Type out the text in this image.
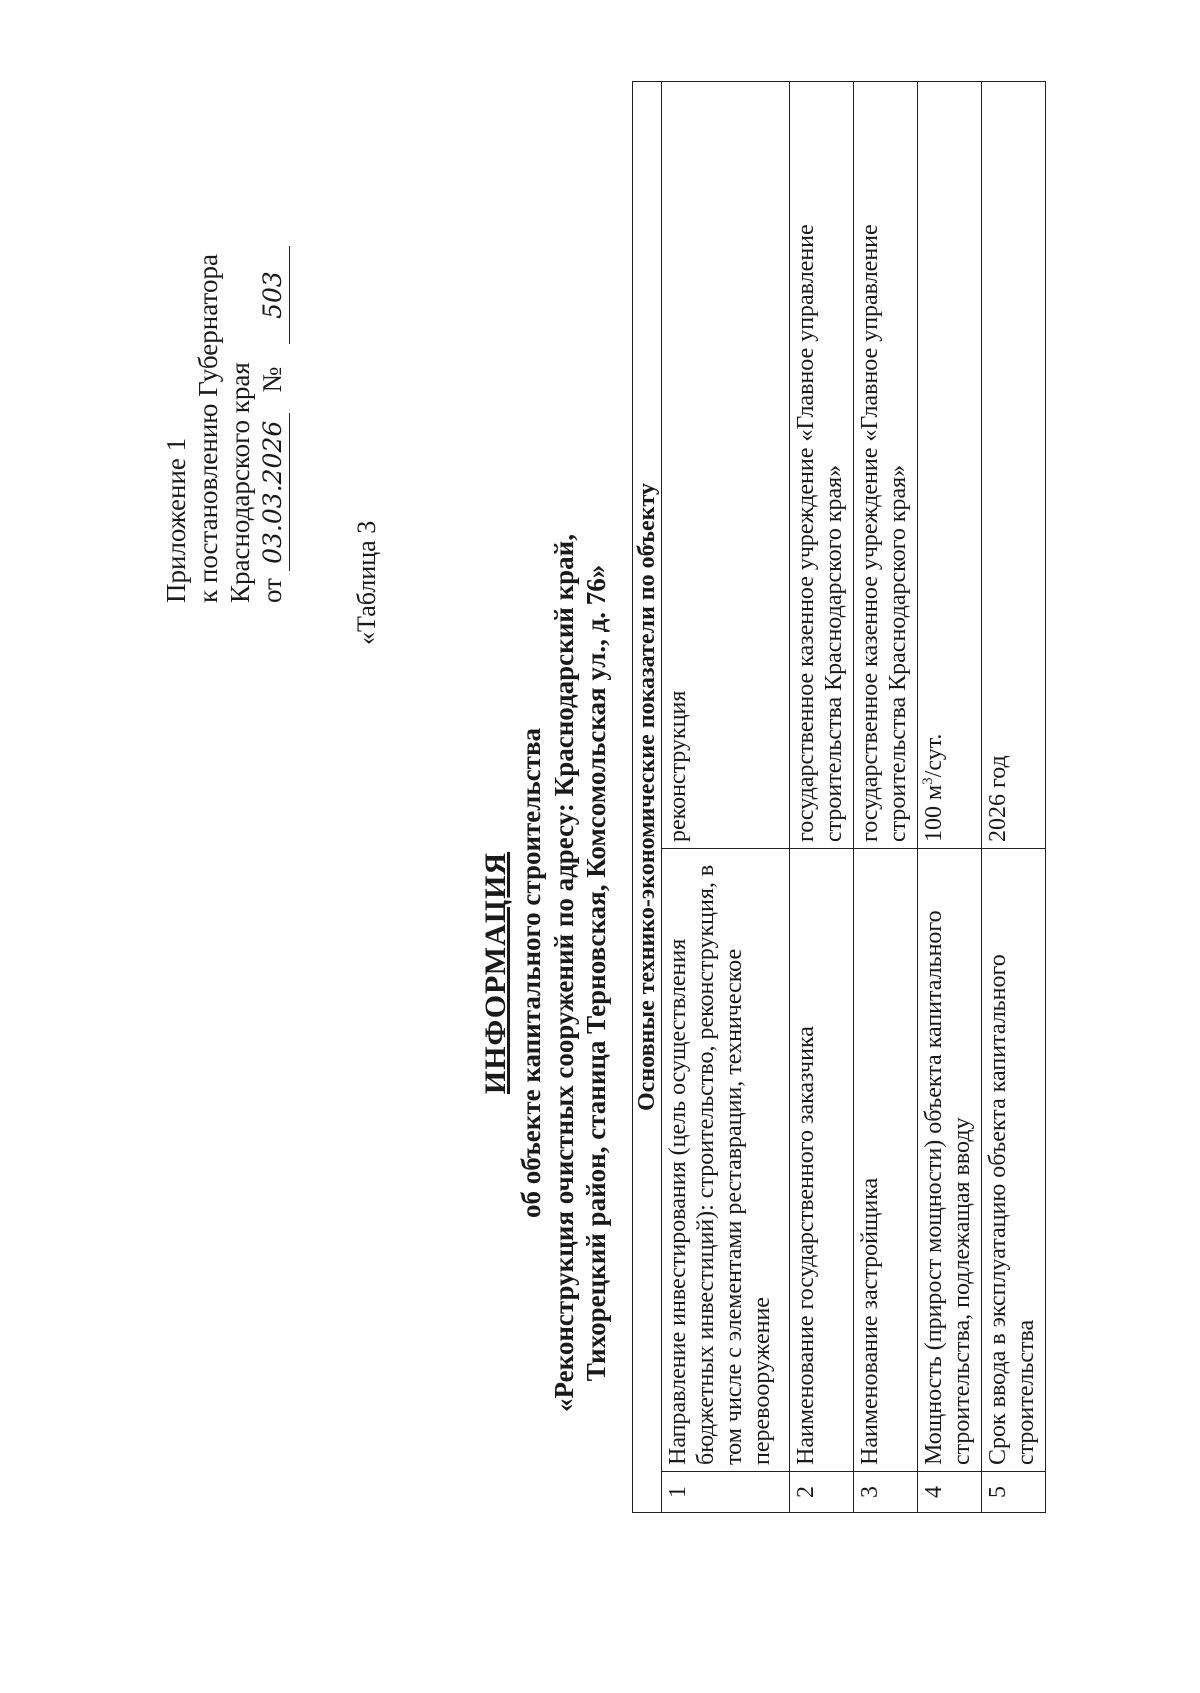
Приложение 1 к постановлению Губернатора Краснодарского края от 03.03.2026 № 503
«Таблица 3
ИНФОРМАЦИЯ об объекте капитального строительства «Реконструкция очистных сооружений по адресу: Краснодарский край, Тихорецкий район, станица Терновская, Комсомольская ул., д. 76» Основные технико-экономические показатели по объекту		
1	Направление инвестирования (цель осуществления бюджетных инвестиций): строительство, реконструкция, в том числе с элементами реставрации, техническое перевооружение	реконструкция
2	Наименование государственного заказчика	государственное казенное учреждение «Главное управление строительства Краснодарского края»
3	Наименование застройщика	государственное казенное учреждение «Главное управление строительства Краснодарского края»
4	Мощность (прирост мощности) объекта капитального строительства, подлежащая вводу	100 $м^3$/сут.
5	Срок ввода в эксплуатацию объекта капитального строительства	2026 год
